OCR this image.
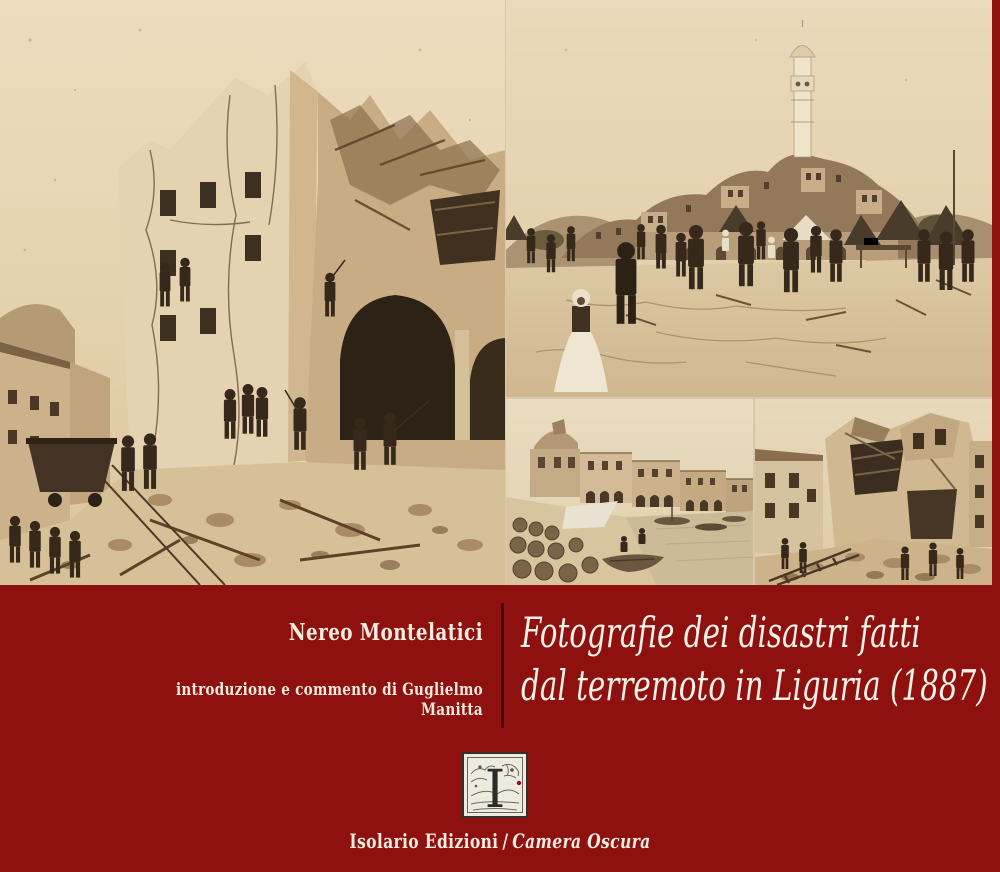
Nereo Montelatici
introduzione e commento di Guglielmo Manitta
Fotografie dei disastri fatti
dal terremoto in Liguria (1887)
I
Isolario Edizioni / Camera Oscura
